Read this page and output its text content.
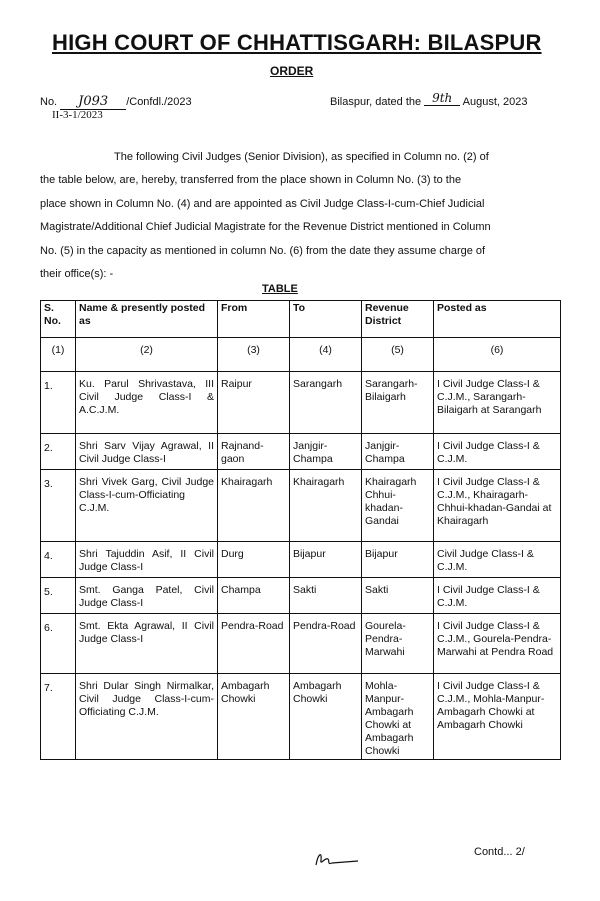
HIGH COURT OF CHHATTISGARH: BILASPUR
ORDER
No. J093 /Confdl./2023
II-3-1/2023
Bilaspur, dated the 9th August, 2023
The following Civil Judges (Senior Division), as specified in Column no. (2) of
the table below, are, hereby, transferred from the place shown in Column No. (3) to the
place shown in Column No. (4) and are appointed as Civil Judge Class-I-cum-Chief Judicial
Magistrate/Additional Chief Judicial Magistrate for the Revenue District mentioned in Column
No. (5) in the capacity as mentioned in column No. (6) from the date they assume charge of
their office(s): -
TABLE
S. No.	Name & presently posted as	From	To	Revenue District	Posted as
(1)	(2)	(3)	(4)	(5)	(6)
1.	Ku. Parul Shrivastava, III Civil Judge Class-I & A.C.J.M.	Raipur	Sarangarh	Sarangarh-Bilaigarh	I Civil Judge Class-I & C.J.M., Sarangarh-Bilaigarh at Sarangarh
2.	Shri Sarv Vijay Agrawal, II Civil Judge Class-I	Rajnand-gaon	Janjgir-Champa	Janjgir-Champa	I Civil Judge Class-I & C.J.M.
3.	Shri Vivek Garg, Civil Judge Class-I-cum-Officiating C.J.M.	Khairagarh	Khairagarh	Khairagarh Chhui-khadan-Gandai	I Civil Judge Class-I & C.J.M., Khairagarh-Chhui-khadan-Gandai at Khairagarh
4.	Shri Tajuddin Asif, II Civil Judge Class-I	Durg	Bijapur	Bijapur	Civil Judge Class-I & C.J.M.
5.	Smt. Ganga Patel, Civil Judge Class-I	Champa	Sakti	Sakti	I Civil Judge Class-I & C.J.M.
6.	Smt. Ekta Agrawal, II Civil Judge Class-I	Pendra-Road	Pendra-Road	Gourela-Pendra-Marwahi	I Civil Judge Class-I & C.J.M., Gourela-Pendra-Marwahi at Pendra Road
7.	Shri Dular Singh Nirmalkar, Civil Judge Class-I-cum-Officiating C.J.M.	Ambagarh Chowki	Ambagarh Chowki	Mohla-Manpur-Ambagarh Chowki at Ambagarh Chowki	I Civil Judge Class-I & C.J.M., Mohla-Manpur-Ambagarh Chowki at Ambagarh Chowki
Contd... 2/
